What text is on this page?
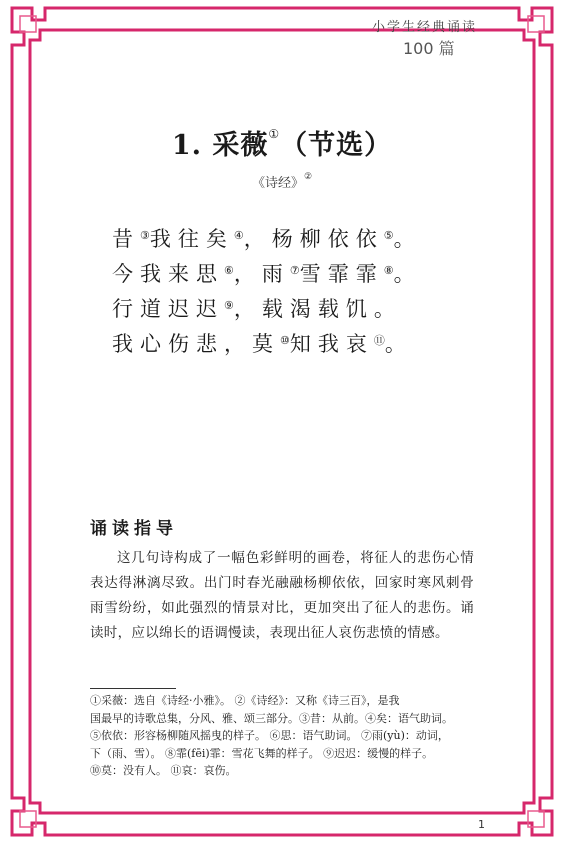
小学生经典诵读
100 篇
1. 采薇①（节选）
《诗经》②
昔③我往矣④，杨柳依依⑤。
今我来思⑥，雨⑦雪霏霏⑧。
行道迟迟⑨，载渴载饥。
我心伤悲，莫⑩知我哀⑪。
诵读指导

这几句诗构成了一幅色彩鲜明的画卷，将征人的悲伤心情表达得淋漓尽致。出门时春光融融杨柳依依，回家时寒风刺骨雨雪纷纷，如此强烈的情景对比，更加突出了征人的悲伤。诵读时，应以绵长的语调慢读，表现出征人哀伤悲愤的情感。

①采薇：选自《诗经·小雅》。 ②《诗经》：又称《诗三百》，是我
国最早的诗歌总集，分风、雅、颂三部分。③昔：从前。④矣：语气助词。
⑤依依：形容杨柳随风摇曳的样子。 ⑥思：语气助词。 ⑦雨(yù)：动词，
下（雨、雪）。 ⑧霏(fēi)霏：雪花飞舞的样子。 ⑨迟迟：缓慢的样子。
⑩莫：没有人。 ⑪哀：哀伤。
1
